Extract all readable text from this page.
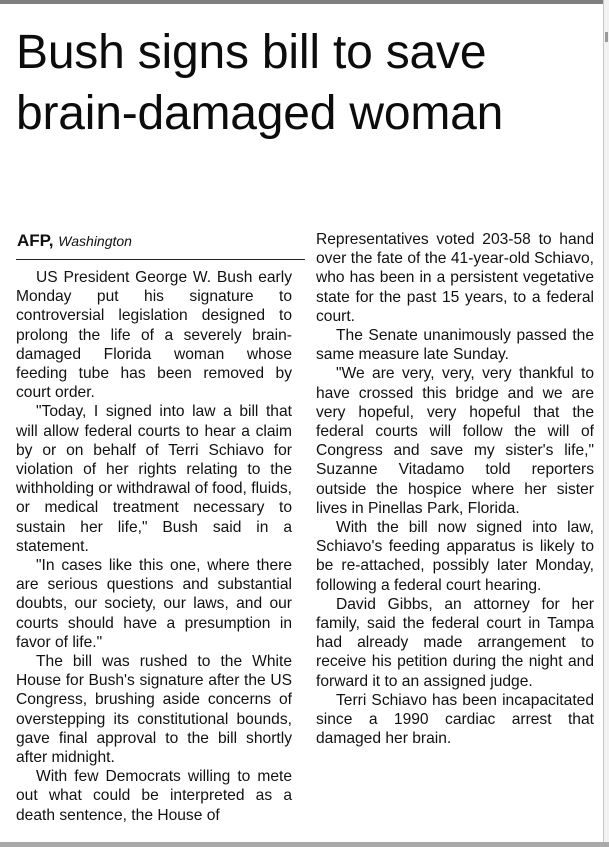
Bush signs bill to save brain-damaged woman
AFP, Washington

US President George W. Bush early Monday put his signature to controversial legislation designed to prolong the life of a severely brain-damaged Florida woman whose feeding tube has been removed by court order.

"Today, I signed into law a bill that will allow federal courts to hear a claim by or on behalf of Terri Schiavo for violation of her rights relating to the withholding or withdrawal of food, fluids, or medical treatment necessary to sustain her life," Bush said in a statement.

"In cases like this one, where there are serious questions and substantial doubts, our society, our laws, and our courts should have a presumption in favor of life."

The bill was rushed to the White House for Bush's signature after the US Congress, brushing aside concerns of overstepping its constitutional bounds, gave final approval to the bill shortly after midnight.

With few Democrats willing to mete out what could be interpreted as a death sentence, the House of

Representatives voted 203-58 to hand over the fate of the 41-year-old Schiavo, who has been in a persistent vegetative state for the past 15 years, to a federal court.

The Senate unanimously passed the same measure late Sunday.

"We are very, very, very thankful to have crossed this bridge and we are very hopeful, very hopeful that the federal courts will follow the will of Congress and save my sister's life," Suzanne Vitadamo told reporters outside the hospice where her sister lives in Pinellas Park, Florida.

With the bill now signed into law, Schiavo's feeding apparatus is likely to be re-attached, possibly later Monday, following a federal court hearing.

David Gibbs, an attorney for her family, said the federal court in Tampa had already made arrangement to receive his petition during the night and forward it to an assigned judge.

Terri Schiavo has been incapacitated since a 1990 cardiac arrest that damaged her brain.
